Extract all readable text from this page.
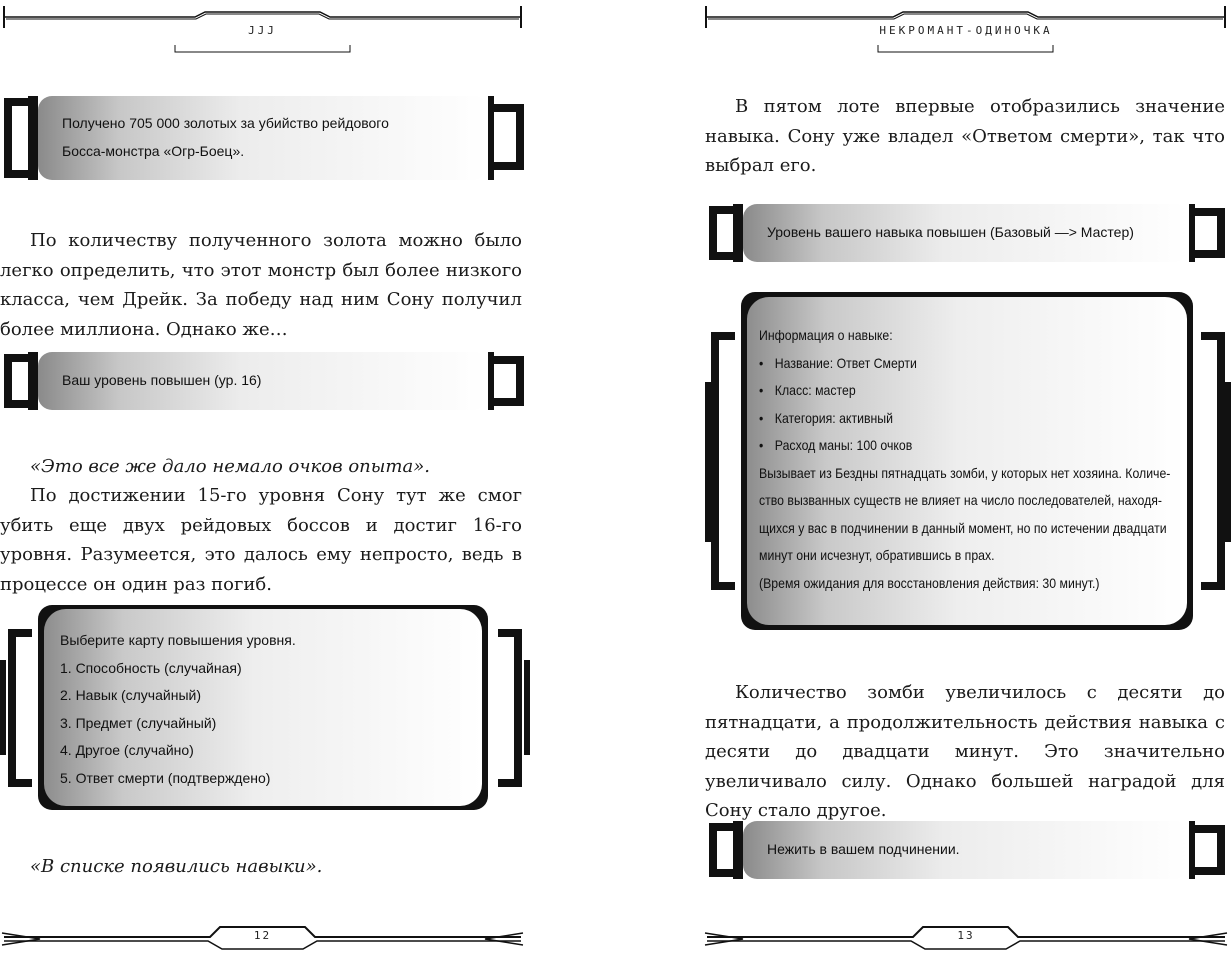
JJJ
Получено 705 000 золотых за убийство рейдового
Босса-монстра «Огр-Боец».

По количеству полученного золота можно было легко определить, что этот монстр был более низкого класса, чем Дрейк. За победу над ним Сону получил более миллиона. Однако же…

Ваш уровень повышен (ур. 16)

«Это все же дало немало очков опыта».

По достижении 15-го уровня Сону тут же смог убить еще двух рейдовых боссов и достиг 16-го уровня. Разумеется, это далось ему непросто, ведь в процессе он один раз погиб.

Выберите карту повышения уровня.
1. Способность (случайная)
2. Навык (случайный)
3. Предмет (случайный)
4. Другое (случайно)
5. Ответ смерти (подтверждено)

«В списке появились навыки».

12
НЕКРОМАНТ-ОДИНОЧКА

В пятом лоте впервые отобразились значение навыка. Сону уже владел «Ответом смерти», так что выбрал его.

Уровень вашего навыка повышен (Базовый —> Мастер)
Информация о навыке:
• Название: Ответ Смерти
• Класс: мастер
• Категория: активный
• Расход маны: 100 очков
Вызывает из Бездны пятнадцать зомби, у которых нет хозяина. Количе-
ство вызванных существ не влияет на число последователей, находя-
щихся у вас в подчинении в данный момент, но по истечении двадцати
минут они исчезнут, обратившись в прах.
(Время ожидания для восстановления действия: 30 минут.)

Количество зомби увеличилось с десяти до пятнадцати, а продолжительность действия навыка с десяти до двадцати минут. Это значительно увеличивало силу. Однако большей наградой для Сону стало другое.

Нежить в вашем подчинении.
13
